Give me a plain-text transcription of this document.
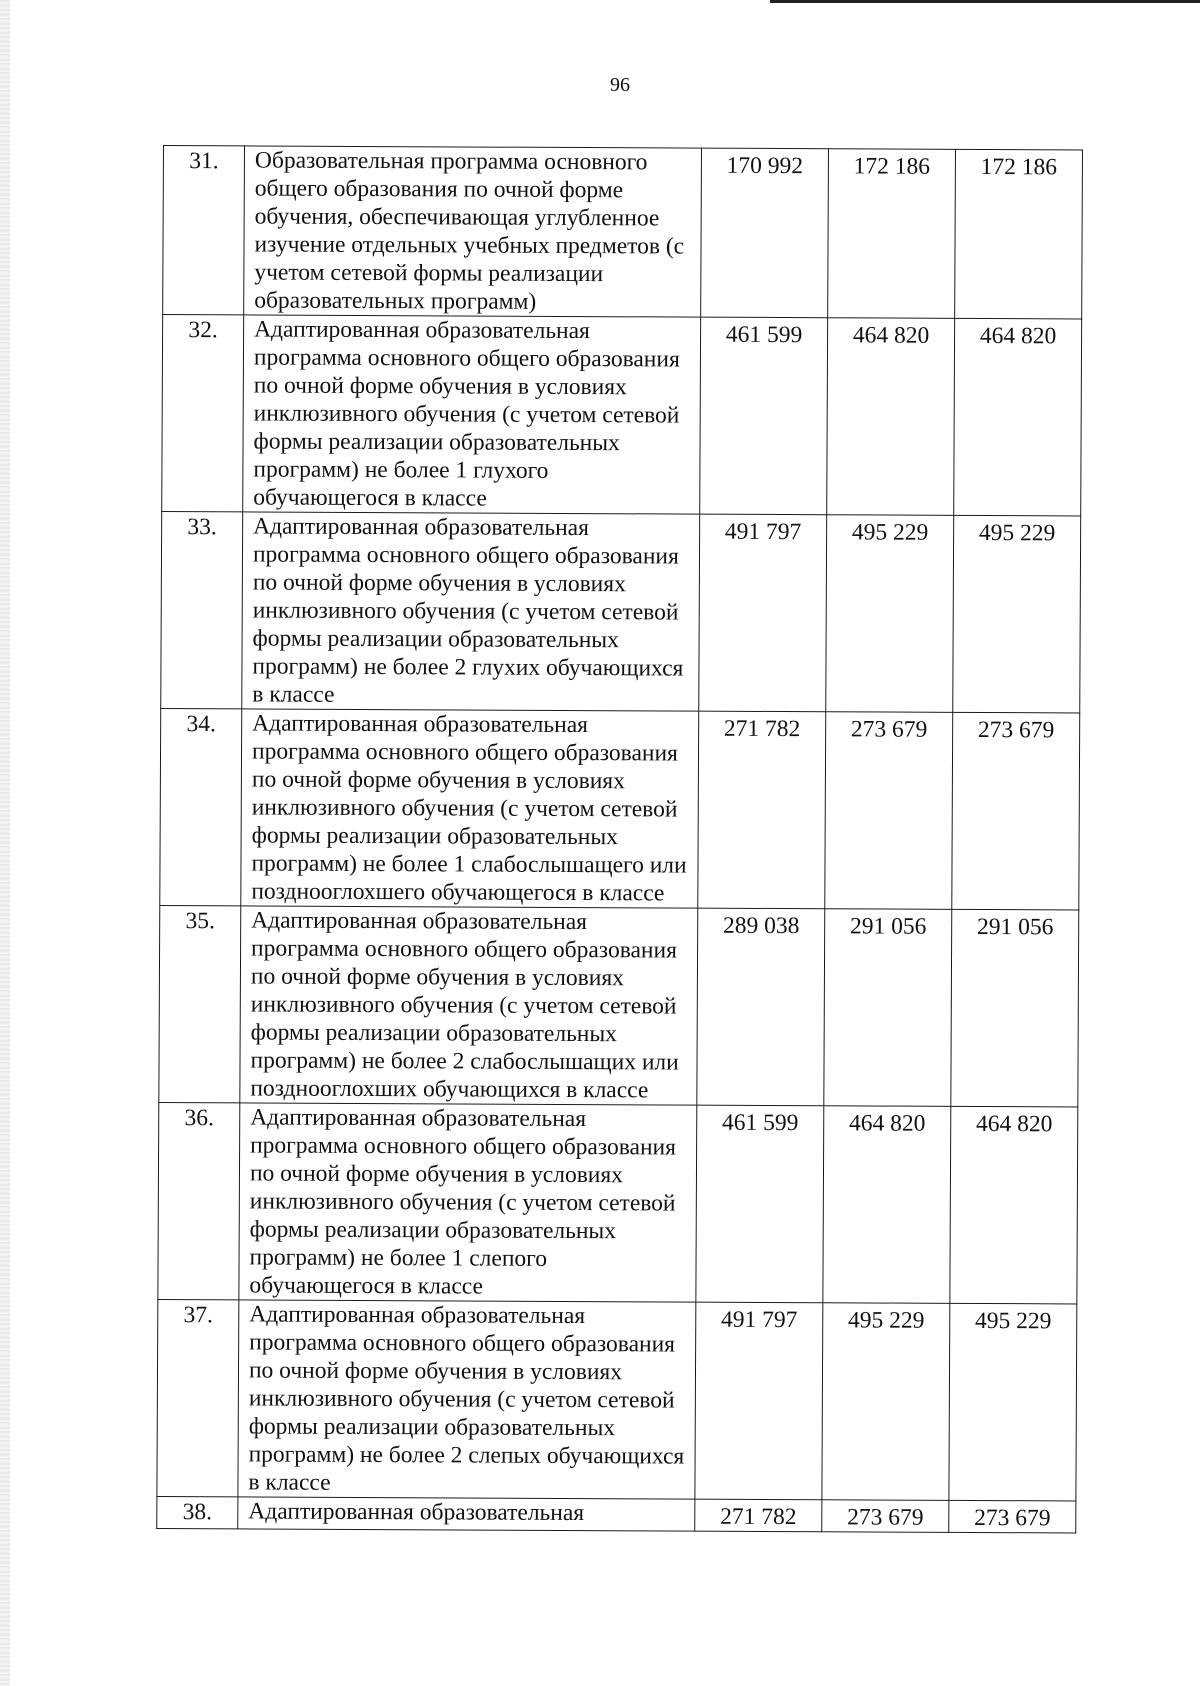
96
31.	Образовательная программа основного общего образования по очной форме обучения, обеспечивающая углубленное изучение отдельных учебных предметов (с учетом сетевой формы реализации образовательных программ)	170 992	172 186	172 186
32.	Адаптированная образовательная программа основного общего образования по очной форме обучения в условиях инклюзивного обучения (с учетом сетевой формы реализации образовательных программ) не более 1 глухого обучающегося в классе	461 599	464 820	464 820
33.	Адаптированная образовательная программа основного общего образования по очной форме обучения в условиях инклюзивного обучения (с учетом сетевой формы реализации образовательных программ) не более 2 глухих обучающихся в классе	491 797	495 229	495 229
34.	Адаптированная образовательная программа основного общего образования по очной форме обучения в условиях инклюзивного обучения (с учетом сетевой формы реализации образовательных программ) не более 1 слабослышащего или позднооглохшего обучающегося в классе	271 782	273 679	273 679
35.	Адаптированная образовательная программа основного общего образования по очной форме обучения в условиях инклюзивного обучения (с учетом сетевой формы реализации образовательных программ) не более 2 слабослышащих или позднооглохших обучающихся в классе	289 038	291 056	291 056
36.	Адаптированная образовательная программа основного общего образования по очной форме обучения в условиях инклюзивного обучения (с учетом сетевой формы реализации образовательных программ) не более 1 слепого обучающегося в классе	461 599	464 820	464 820
37.	Адаптированная образовательная программа основного общего образования по очной форме обучения в условиях инклюзивного обучения (с учетом сетевой формы реализации образовательных программ) не более 2 слепых обучающихся в классе	491 797	495 229	495 229
38.	Адаптированная образовательная	271 782	273 679	273 679
